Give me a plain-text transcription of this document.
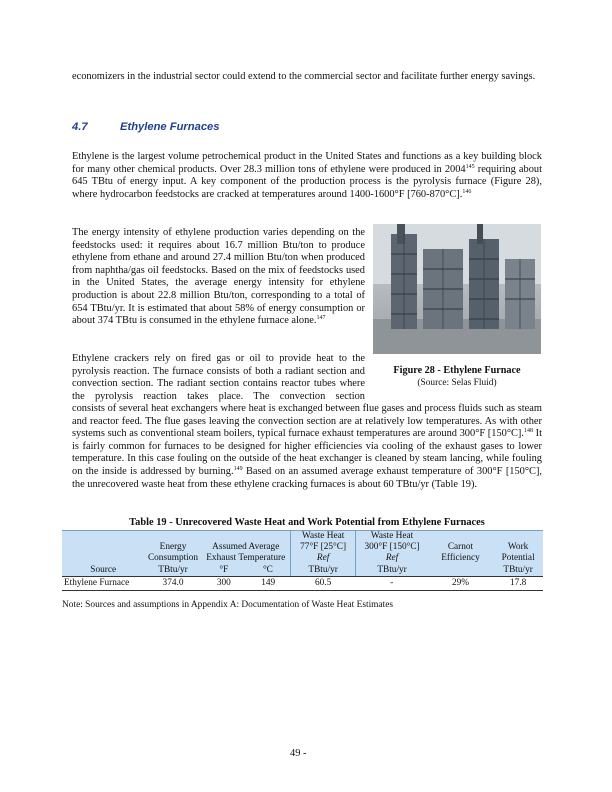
economizers in the industrial sector could extend to the commercial sector and facilitate further energy savings.

4.7	Ethylene Furnaces

Ethylene is the largest volume petrochemical product in the United States and functions as a key building block for many other chemical products. Over 28.3 million tons of ethylene were produced in 2004$^{145}$ requiring about 645 TBtu of energy input. A key component of the production process is the pyrolysis furnace (Figure 28), where hydrocarbon feedstocks are cracked at temperatures around 1400-1600°F [760-870°C].$^{146}$

The energy intensity of ethylene production varies depending on the feedstocks used: it requires about 16.7 million Btu/ton to produce ethylene from ethane and around 27.4 million Btu/ton when produced from naphtha/gas oil feedstocks. Based on the mix of feedstocks used in the United States, the average energy intensity for ethylene production is about 22.8 million Btu/ton, corresponding to a total of 654 TBtu/yr. It is estimated that about 58% of energy consumption or about 374 TBtu is consumed in the ethylene furnace alone.$^{147}$

Ethylene crackers rely on fired gas or oil to provide heat to the pyrolysis reaction. The furnace consists of both a radiant section and convection section. The radiant section contains reactor tubes where the pyrolysis reaction takes place. The convection section

consists of several heat exchangers where heat is exchanged between flue gases and process fluids such as steam and reactor feed. The flue gases leaving the convection section are at relatively low temperatures. As with other systems such as conventional steam boilers, typical furnace exhaust temperatures are around 300°F [150°C].$^{148}$ It is fairly common for furnaces to be designed for higher efficiencies via cooling of the exhaust gases to lower temperature. In this case fouling on the outside of the heat exchanger is cleaned by steam lancing, while fouling on the inside is addressed by burning.$^{149}$ Based on an assumed average exhaust temperature of 300°F [150°C], the unrecovered waste heat from these ethylene cracking furnaces is about 60 TBtu/yr (Table 19).

Figure 28 - Ethylene Furnace
(Source: Selas Fluid)
Table 19 - Unrecovered Waste Heat and Work Potential from Ethylene Furnaces
				Waste Heat	Waste Heat		
	Energy	Assumed Average		77°F [25°C]	300°F [150°C]	Carnot	Work
	Consumption	Exhaust Temperature		Ref	Ref	Efficiency	Potential
Source	TBtu/yr	°F	°C	TBtu/yr	TBtu/yr		TBtu/yr
Ethylene Furnace	374.0	300	149	60.5	-	29%	17.8
Note: Sources and assumptions in Appendix A: Documentation of Waste Heat Estimates
49 -
